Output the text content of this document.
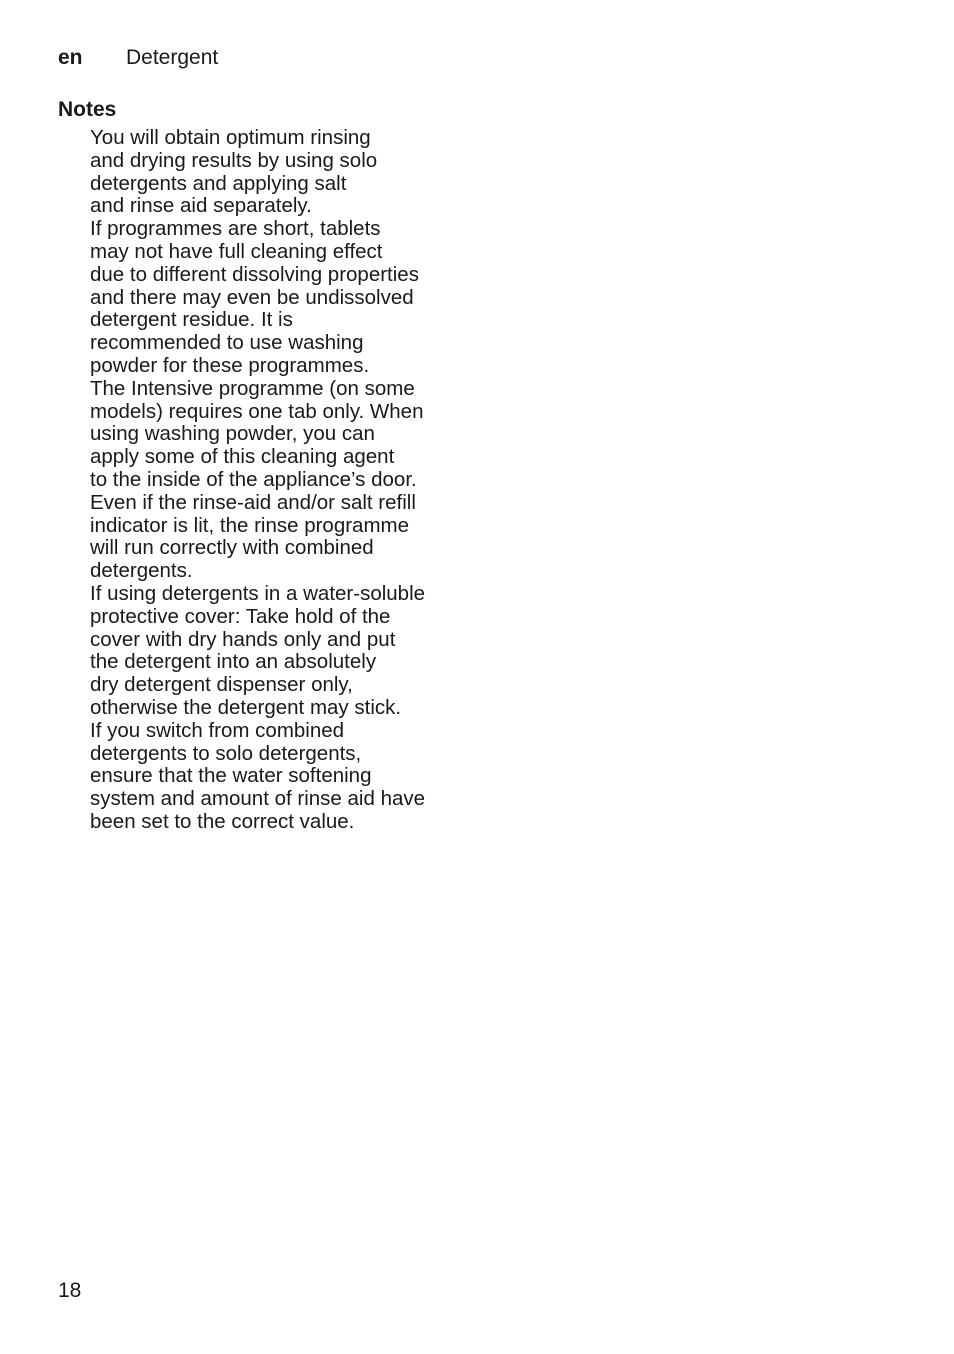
en Detergent
Notes

You will obtain optimum rinsing
and drying results by using solo
detergents and applying salt
and rinse aid separately.

If programmes are short, tablets
may not have full cleaning effect
due to different dissolving properties
and there may even be undissolved
detergent residue. It is
recommended to use washing
powder for these programmes.

The Intensive programme (on some
models) requires one tab only. When
using washing powder, you can
apply some of this cleaning agent
to the inside of the appliance’s door.

Even if the rinse-aid and/or salt refill
indicator is lit, the rinse programme
will run correctly with combined
detergents.

If using detergents in a water-soluble
protective cover: Take hold of the
cover with dry hands only and put
the detergent into an absolutely
dry detergent dispenser only,
otherwise the detergent may stick.

If you switch from combined
detergents to solo detergents,
ensure that the water softening
system and amount of rinse aid have
been set to the correct value.

18
